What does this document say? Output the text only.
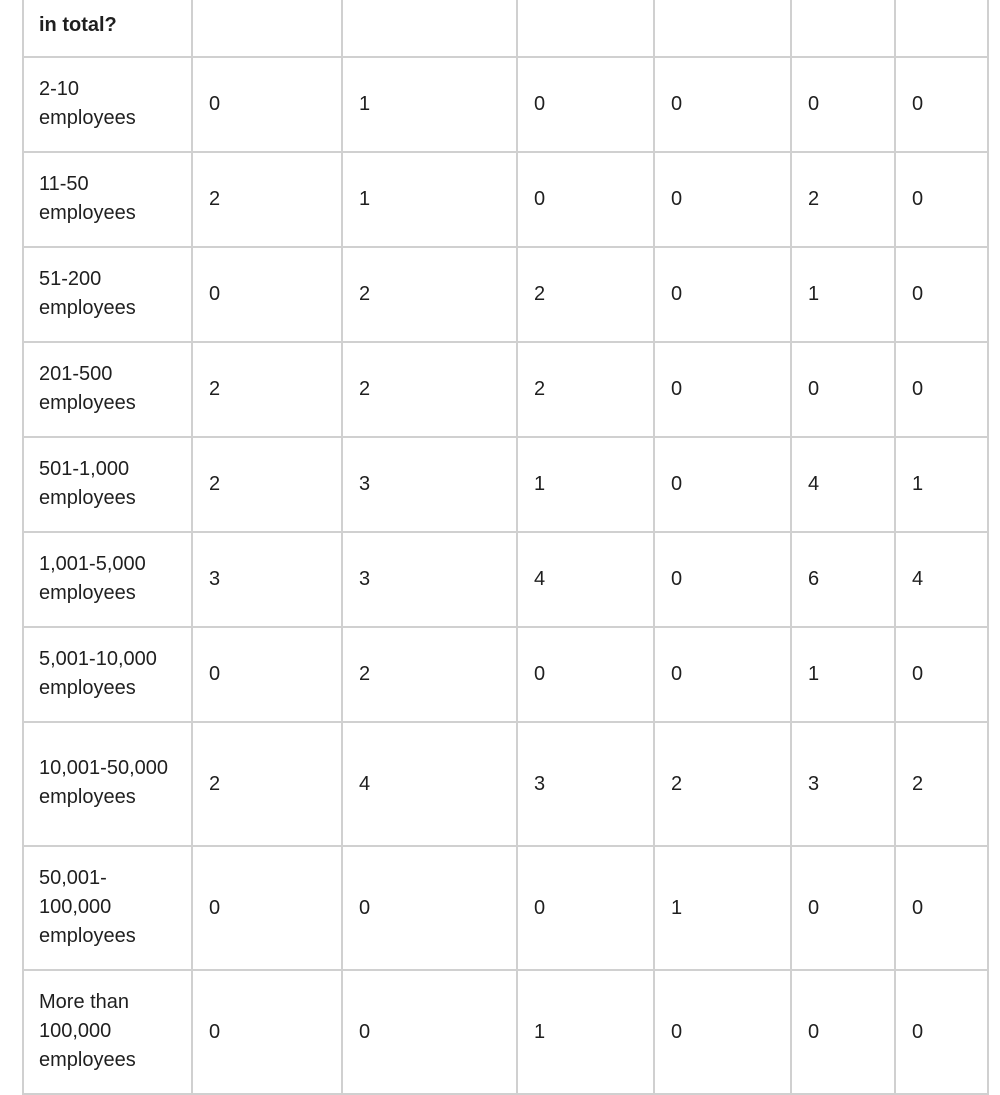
in total?						
2-10 employees	0	1	0	0	0	0
11-50 employees	2	1	0	0	2	0
51-200 employees	0	2	2	0	1	0
201-500 employees	2	2	2	0	0	0
501-1,000 employees	2	3	1	0	4	1
1,001-5,000 employees	3	3	4	0	6	4
5,001-10,000 employees	0	2	0	0	1	0
10,001-50,000 employees	2	4	3	2	3	2
50,001-100,000 employees	0	0	0	1	0	0
More than 100,000 employees	0	0	1	0	0	0
